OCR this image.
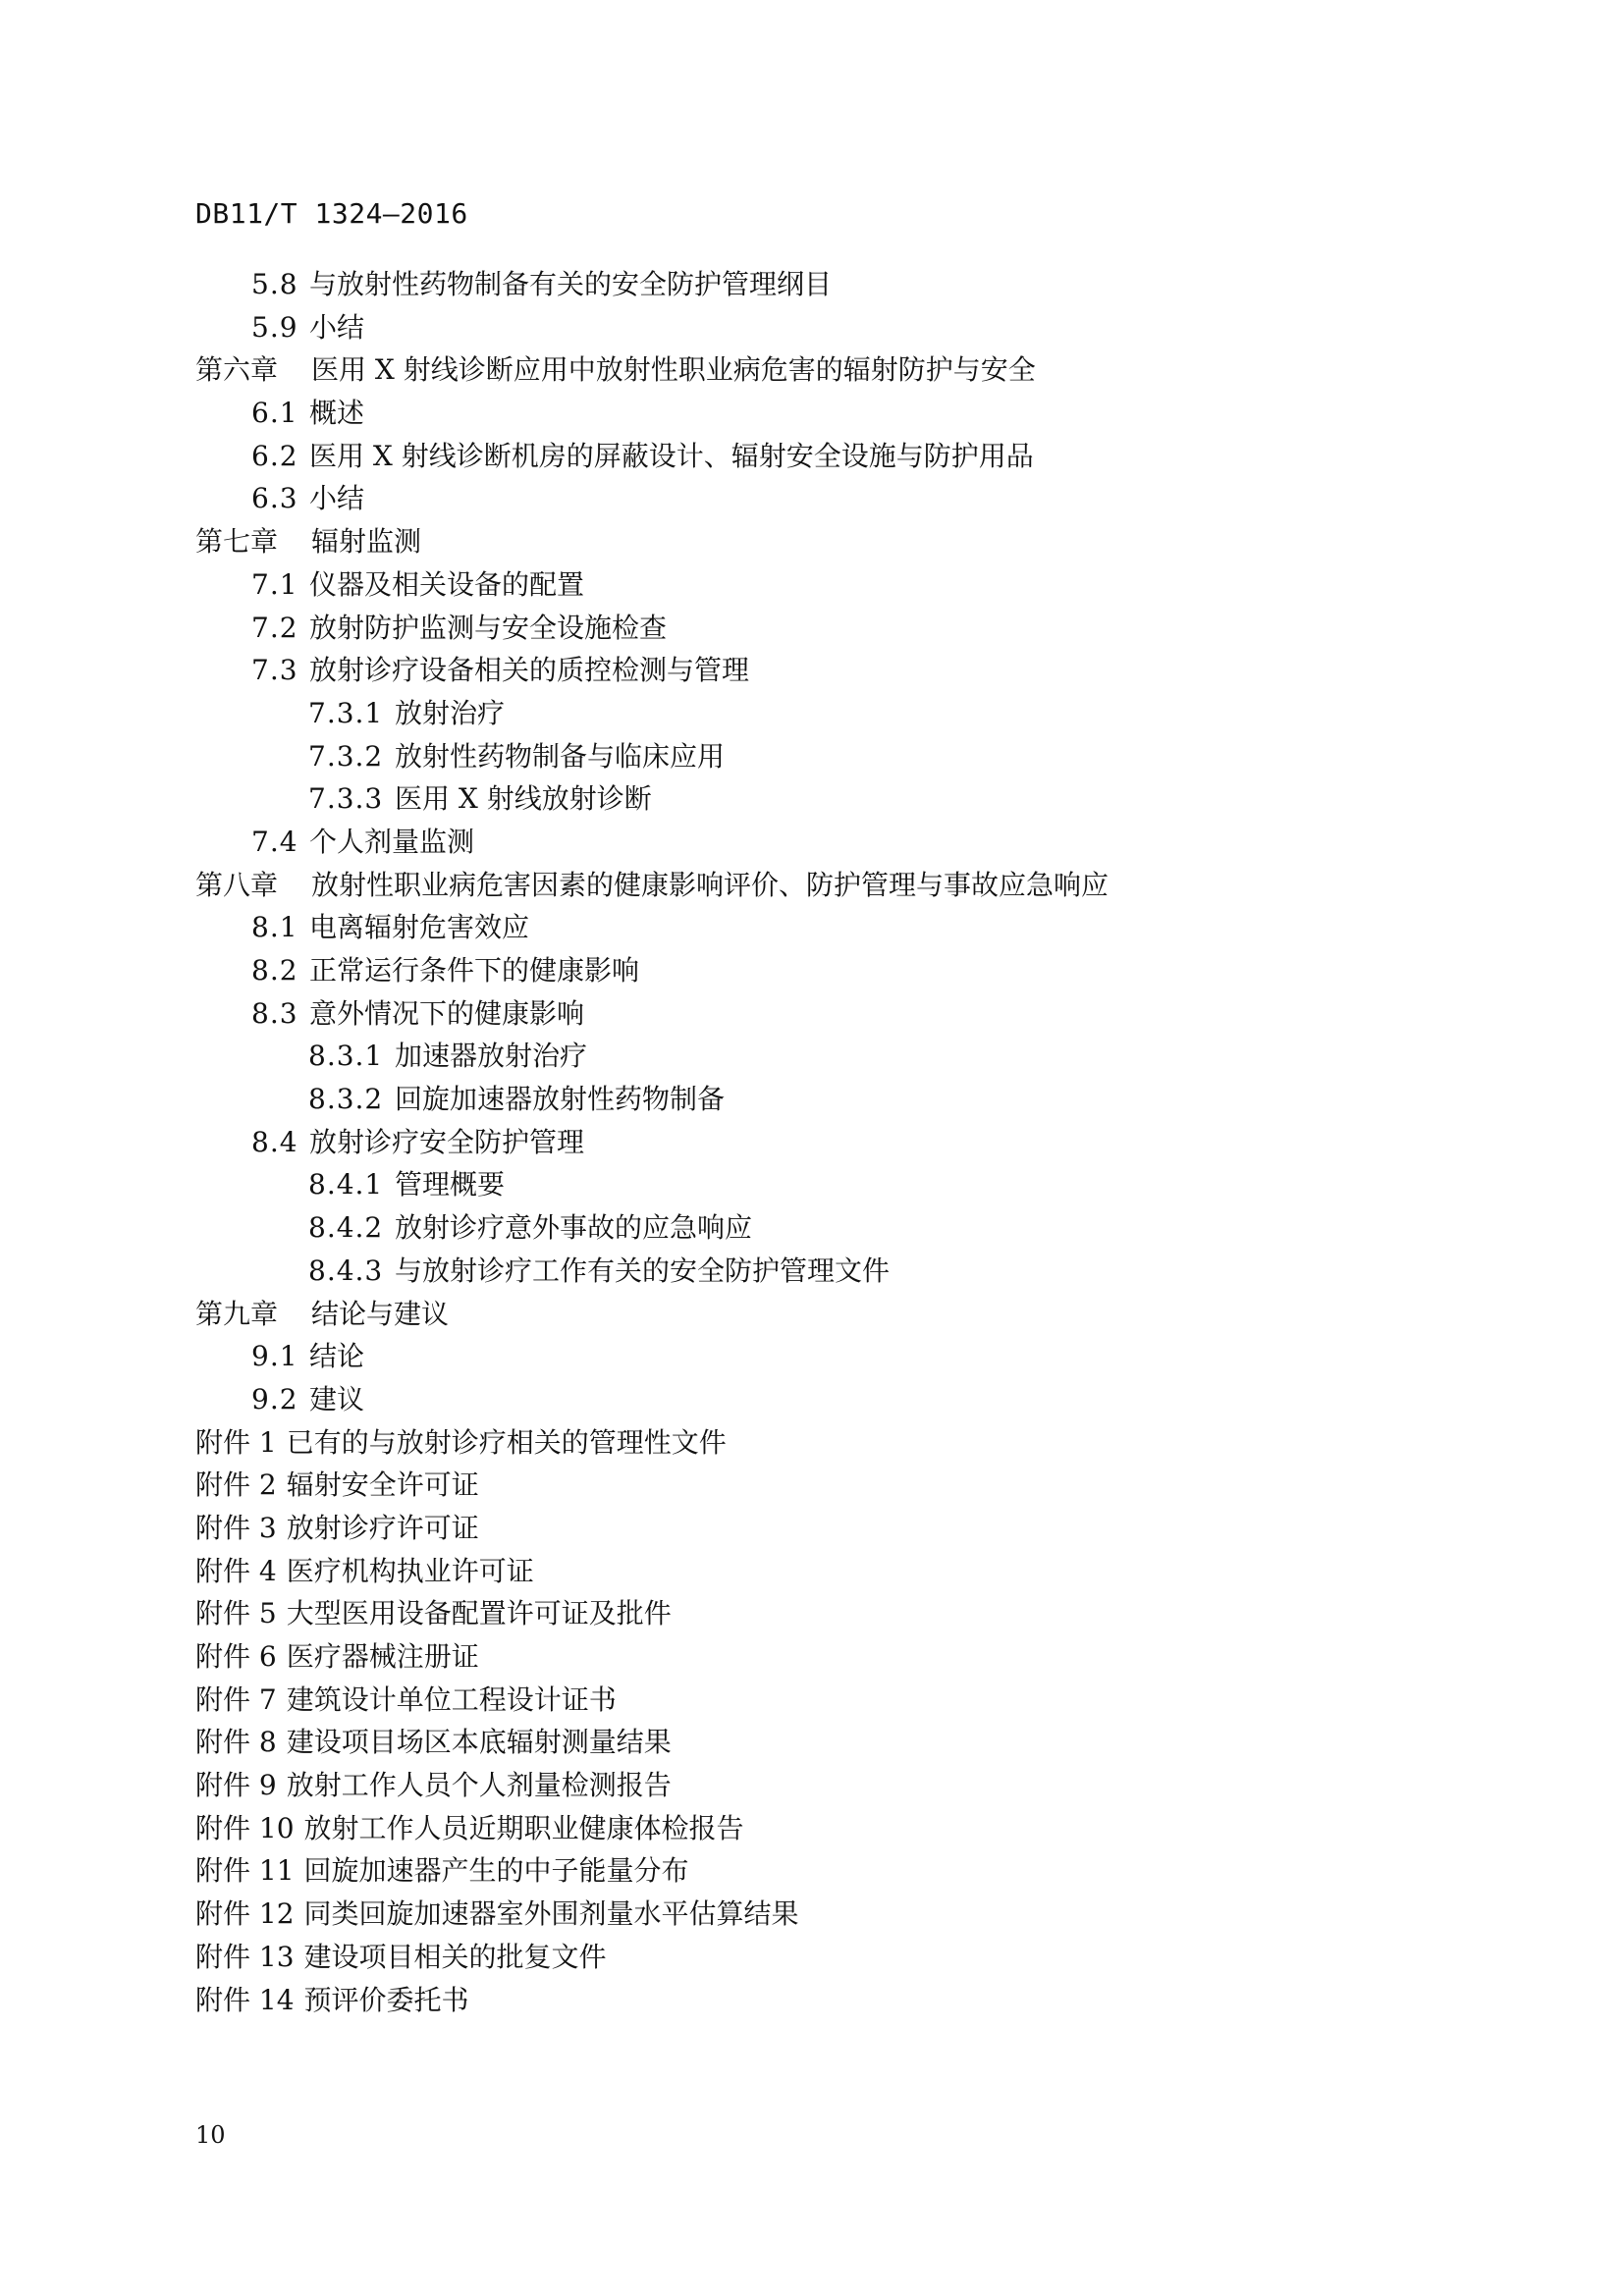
DB11/T 1324—2016
5.8 与放射性药物制备有关的安全防护管理纲目
5.9 小结
第六章 医用 X 射线诊断应用中放射性职业病危害的辐射防护与安全
6.1 概述
6.2 医用 X 射线诊断机房的屏蔽设计、辐射安全设施与防护用品
6.3 小结
第七章 辐射监测
7.1 仪器及相关设备的配置
7.2 放射防护监测与安全设施检查
7.3 放射诊疗设备相关的质控检测与管理
7.3.1 放射治疗
7.3.2 放射性药物制备与临床应用
7.3.3 医用 X 射线放射诊断
7.4 个人剂量监测
第八章 放射性职业病危害因素的健康影响评价、防护管理与事故应急响应
8.1 电离辐射危害效应
8.2 正常运行条件下的健康影响
8.3 意外情况下的健康影响
8.3.1 加速器放射治疗
8.3.2 回旋加速器放射性药物制备
8.4 放射诊疗安全防护管理
8.4.1 管理概要
8.4.2 放射诊疗意外事故的应急响应
8.4.3 与放射诊疗工作有关的安全防护管理文件
第九章 结论与建议
9.1 结论
9.2 建议
附件 1 已有的与放射诊疗相关的管理性文件
附件 2 辐射安全许可证
附件 3 放射诊疗许可证
附件 4 医疗机构执业许可证
附件 5 大型医用设备配置许可证及批件
附件 6 医疗器械注册证
附件 7 建筑设计单位工程设计证书
附件 8 建设项目场区本底辐射测量结果
附件 9 放射工作人员个人剂量检测报告
附件 10 放射工作人员近期职业健康体检报告
附件 11 回旋加速器产生的中子能量分布
附件 12 同类回旋加速器室外围剂量水平估算结果
附件 13 建设项目相关的批复文件
附件 14 预评价委托书
10
